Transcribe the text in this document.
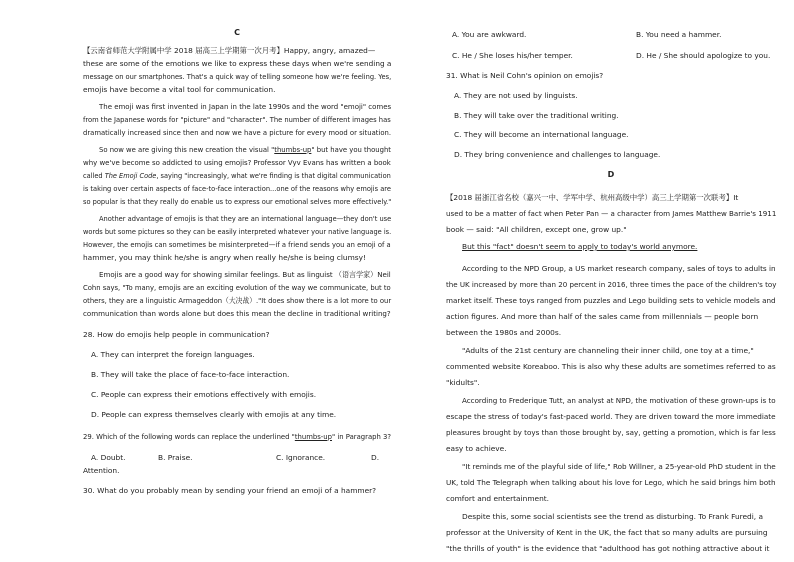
C
【云南省师范大学附属中学 2018 届高三上学期第一次月考】Happy, angry, amazed—
these are some of the emotions we like to express these days when we're sending a
message on our smartphones. That's a quick way of telling someone how we're feeling. Yes,
emojis have become a vital tool for communication.
The emoji was first invented in Japan in the late 1990s and the word "emoji" comes
from the Japanese words for "picture" and "character". The number of different images has
dramatically increased since then and now we have a picture for every mood or situation.
So now we are giving this new creation the visual "thumbs-up" but have you thought
why we've become so addicted to using emojis? Professor Vyv Evans has written a book
called The Emoji Code, saying "increasingly, what we're finding is that digital communication
is taking over certain aspects of face-to-face interaction...one of the reasons why emojis are
so popular is that they really do enable us to express our emotional selves more effectively."
Another advantage of emojis is that they are an international language—they don't use
words but some pictures so they can be easily interpreted whatever your native language is.
However, the emojis can sometimes be misinterpreted—if a friend sends you an emoji of a
hammer, you may think he/she is angry when really he/she is being clumsy!
Emojis are a good way for showing similar feelings. But as linguist （语言学家）Neil
Cohn says, "To many, emojis are an exciting evolution of the way we communicate, but to
others, they are a linguistic Armageddon（大决战）."It does show there is a lot more to our
communication than words alone but does this mean the decline in traditional writing?
28. How do emojis help people in communication?
A. They can interpret the foreign languages.
B. They will take the place of face-to-face interaction.
C. People can express their emotions effectively with emojis.
D. People can express themselves clearly with emojis at any time.
29. Which of the following words can replace the underlined "thumbs-up" in Paragraph 3?
A. Doubt.	B. Praise.	C. Ignorance.	D.
Attention.
30. What do you probably mean by sending your friend an emoji of a hammer?
A. You are awkward.	B. You need a hammer.
C. He / She loses his/her temper.	D. He / She should apologize to you.
31. What is Neil Cohn's opinion on emojis?
A. They are not used by linguists.
B. They will take over the traditional writing.
C. They will become an international language.
D. They bring convenience and challenges to language.
D
【2018 届浙江省名校（嘉兴一中、学军中学、杭州高级中学）高三上学期第一次联考】It
used to be a matter of fact when Peter Pan — a character from James Matthew Barrie's 1911
book — said: "All children, except one, grow up."
But this "fact" doesn't seem to apply to today's world anymore.
According to the NPD Group, a US market research company, sales of toys to adults in
the UK increased by more than 20 percent in 2016, three times the pace of the children's toy
market itself. These toys ranged from puzzles and Lego building sets to vehicle models and
action figures. And more than half of the sales came from millennials — people born
between the 1980s and 2000s.
"Adults of the 21st century are channeling their inner child, one toy at a time,"
commented website Koreaboo. This is also why these adults are sometimes referred to as
"kidults".
According to Frederique Tutt, an analyst at NPD, the motivation of these grown-ups is to
escape the stress of today's fast-paced world. They are driven toward the more immediate
pleasures brought by toys than those brought by, say, getting a promotion, which is far less
easy to achieve.
"It reminds me of the playful side of life," Rob Willner, a 25-year-old PhD student in the
UK, told The Telegraph when talking about his love for Lego, which he said brings him both
comfort and entertainment.
Despite this, some social scientists see the trend as disturbing. To Frank Furedi, a
professor at the University of Kent in the UK, the fact that so many adults are pursuing
"the thrills of youth" is the evidence that "adulthood has got nothing attractive about it
